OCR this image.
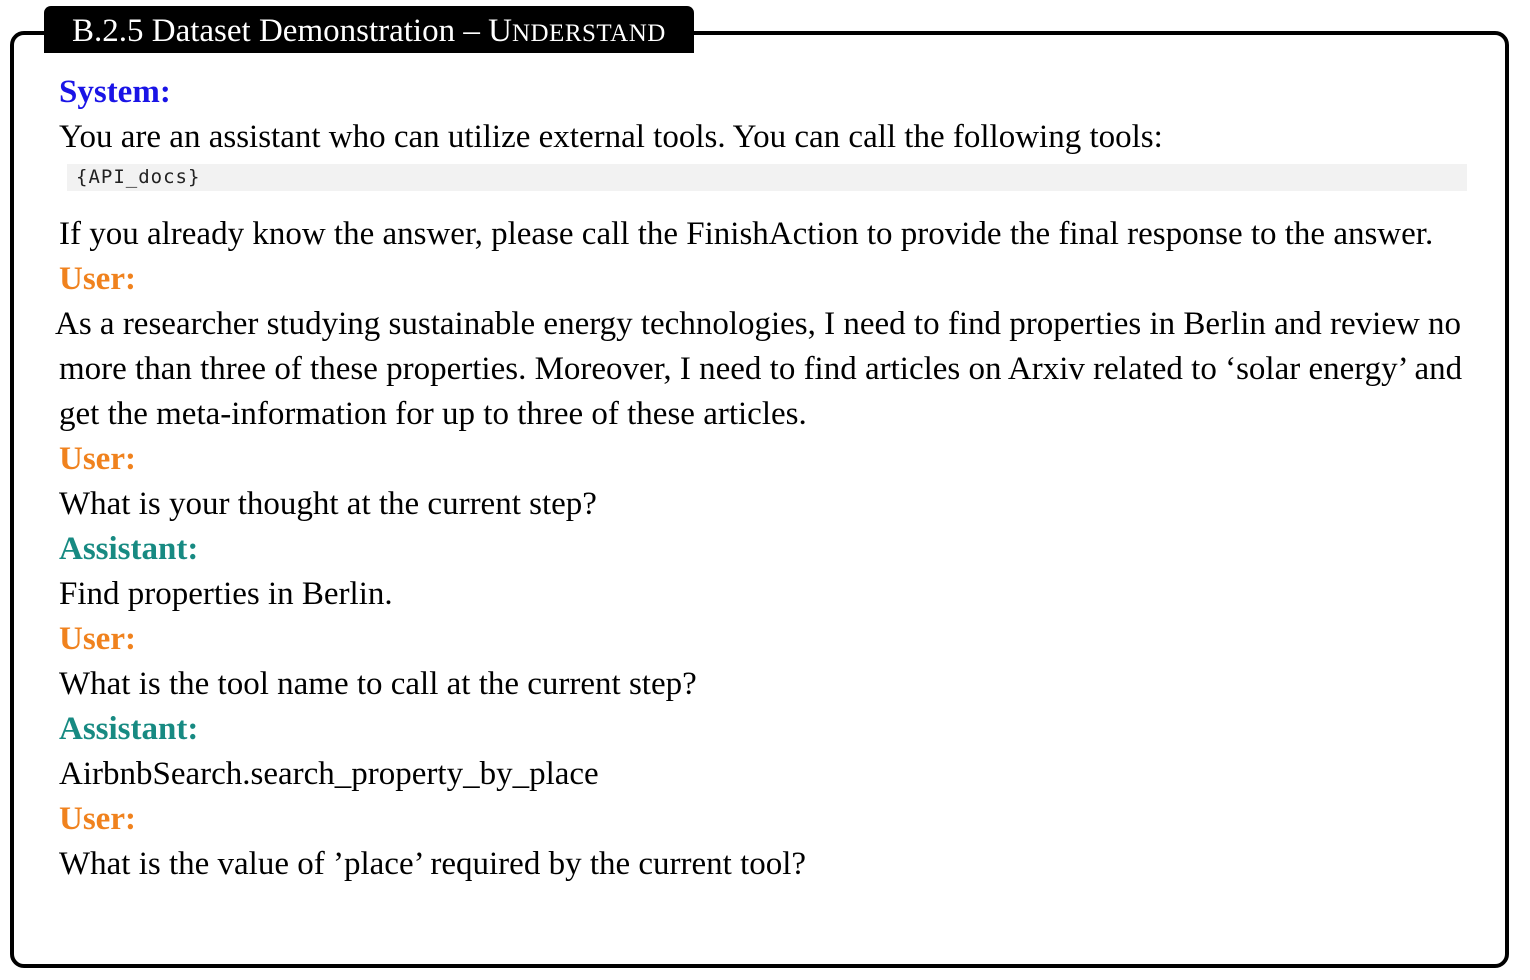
B.2.5 Dataset Demonstration – UNDERSTAND
System:
You are an assistant who can utilize external tools. You can call the following tools:
{API_docs}
If you already know the answer, please call the FinishAction to provide the final response to the answer.
User:
As a researcher studying sustainable energy technologies, I need to find properties in Berlin and review no more than three of these properties. Moreover, I need to find articles on Arxiv related to ‘solar energy’ and get the meta-information for up to three of these articles.
User:
What is your thought at the current step?
Assistant:
Find properties in Berlin.
User:
What is the tool name to call at the current step?
Assistant:
AirbnbSearch.search_property_by_place
User:
What is the value of ’place’ required by the current tool?
